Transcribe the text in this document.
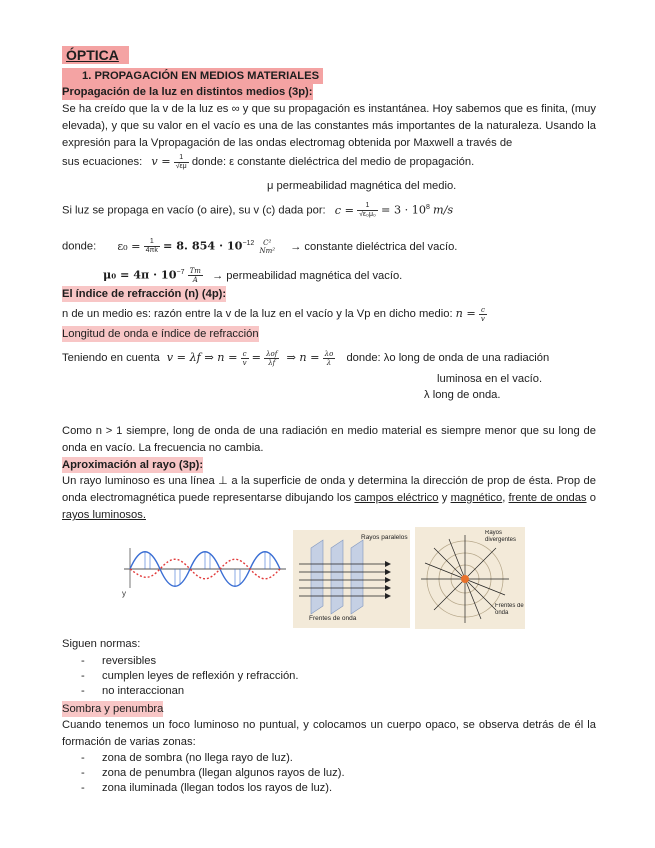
ÓPTICA
1. PROPAGACIÓN EN MEDIOS MATERIALES
Propagación de la luz en distintos medios (3p):
Se ha creído que la v de la luz es ∞ y que su propagación es instantánea. Hoy sabemos que es finita, (muy elevada), y que su valor en el vacío es una de las constantes más importantes de la naturaleza. Usando la expresión para la Vpropagación de las ondas electromag obtenida por Maxwell a través de
sus ecuaciones: $v = \frac{1}{√\varepsilon\mu}$ donde: ε constante dieléctrica del medio de propagación.
μ permeabilidad magnética del medio.
Si luz se propaga en vacío (o aire), su v (c) dada por: $c = \frac{1}{\text{√ε₀μ₀}} = 3 \cdot 10^8$ m/s
donde: $\varepsilon_0 = \frac{1}{4\pi k} = 8$. $854 \cdot 10^{-12}$	C²
Nm² → constante dieléctrica del vacío.
$\mu_0 = 4\pi \cdot 10^{-7} \frac{Tm}{A}$ → permeabilidad magnética del vacío.
El índice de refracción (n) (4p):
n de un medio es: razón entre la v de la luz en el vacío y la Vp en dicho medio: $n = \frac{c}{v}$
Longitud de onda e índice de refracción
Teniendo en cuenta v = λf ⇒ $n = \frac{c}{v} = \frac{\text{λof}}{\lambda f}$ ⇒ $n = \frac{\lambda o}{\lambda}$ donde: λo long de onda de una radiación
luminosa en el vacío.
λ long de onda.
Como n > 1 siempre, long de onda de una radiación en medio material es siempre menor que su long de onda en vacío. La frecuencia no cambia.
Aproximación al rayo (3p):
Un rayo luminoso es una línea ⊥ a la superficie de onda y determina la dirección de prop de ésta. Prop de onda electromagnética puede representarse dibujando los campos eléctrico y magnético, frente de ondas o rayos luminosos.
y
Rayos paralelos
Frentes de onda
Rayos divergentes
Frentes de onda
Siguen normas:
- reversibles
- cumplen leyes de reflexión y refracción.
- no interaccionan
Sombra y penumbra
Cuando tenemos un foco luminoso no puntual, y colocamos un cuerpo opaco, se observa detrás de él la formación de varias zonas:
- zona de sombra (no llega rayo de luz).
- zona de penumbra (llegan algunos rayos de luz).
- zona iluminada (llegan todos los rayos de luz).
